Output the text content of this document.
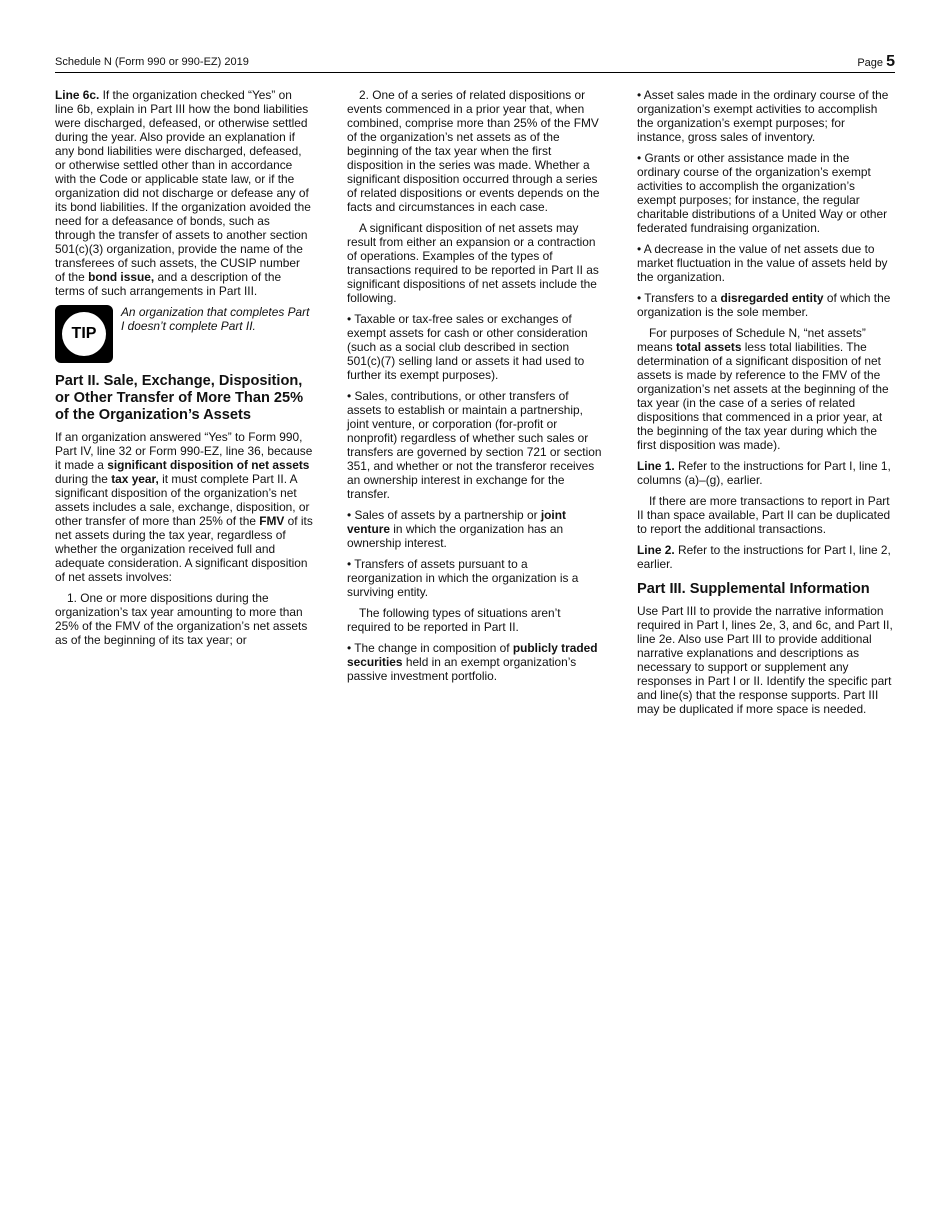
Schedule N (Form 990 or 990-EZ) 2019	Page 5

Line 6c. If the organization checked “Yes” on line 6b, explain in Part III how the bond liabilities were discharged, defeased, or otherwise settled during the year. Also provide an explanation if any bond liabilities were discharged, defeased, or otherwise settled other than in accordance with the Code or applicable state law, or if the organization did not discharge or defease any of its bond liabilities. If the organization avoided the need for a defeasance of bonds, such as through the transfer of assets to another section 501(c)(3) organization, provide the name of the transferees of such assets, the CUSIP number of the bond issue, and a description of the terms of such arrangements in Part III.

TIP
An organization that completes Part I doesn’t complete Part II.
Part II. Sale, Exchange, Disposition, or Other Transfer of More Than 25% of the Organization’s Assets

If an organization answered “Yes” to Form 990, Part IV, line 32 or Form 990-EZ, line 36, because it made a significant disposition of net assets during the tax year, it must complete Part II. A significant disposition of the organization’s net assets includes a sale, exchange, disposition, or other transfer of more than 25% of the FMV of its net assets during the tax year, regardless of whether the organization received full and adequate consideration. A significant disposition of net assets involves:

1. One or more dispositions during the organization’s tax year amounting to more than 25% of the FMV of the organization’s net assets as of the beginning of its tax year; or

2. One of a series of related dispositions or events commenced in a prior year that, when combined, comprise more than 25% of the FMV of the organization’s net assets as of the beginning of the tax year when the first disposition in the series was made. Whether a significant disposition occurred through a series of related dispositions or events depends on the facts and circumstances in each case.

A significant disposition of net assets may result from either an expansion or a contraction of operations. Examples of the types of transactions required to be reported in Part II as significant dispositions of net assets include the following.

• Taxable or tax-free sales or exchanges of exempt assets for cash or other consideration (such as a social club described in section 501(c)(7) selling land or assets it had used to further its exempt purposes).

• Sales, contributions, or other transfers of assets to establish or maintain a partnership, joint venture, or corporation (for-profit or nonprofit) regardless of whether such sales or transfers are governed by section 721 or section 351, and whether or not the transferor receives an ownership interest in exchange for the transfer.

• Sales of assets by a partnership or joint venture in which the organization has an ownership interest.

• Transfers of assets pursuant to a reorganization in which the organization is a surviving entity.

The following types of situations aren’t required to be reported in Part II.

• The change in composition of publicly traded securities held in an exempt organization’s passive investment portfolio.

• Asset sales made in the ordinary course of the organization’s exempt activities to accomplish the organization’s exempt purposes; for instance, gross sales of inventory.

• Grants or other assistance made in the ordinary course of the organization’s exempt activities to accomplish the organization’s exempt purposes; for instance, the regular charitable distributions of a United Way or other federated fundraising organization.

• A decrease in the value of net assets due to market fluctuation in the value of assets held by the organization.

• Transfers to a disregarded entity of which the organization is the sole member.

For purposes of Schedule N, “net assets” means total assets less total liabilities. The determination of a significant disposition of net assets is made by reference to the FMV of the organization’s net assets at the beginning of the tax year (in the case of a series of related dispositions that commenced in a prior year, at the beginning of the tax year during which the first disposition was made).

Line 1. Refer to the instructions for Part I, line 1, columns (a)–(g), earlier.

If there are more transactions to report in Part II than space available, Part II can be duplicated to report the additional transactions.

Line 2. Refer to the instructions for Part I, line 2, earlier.

Part III. Supplemental Information

Use Part III to provide the narrative information required in Part I, lines 2e, 3, and 6c, and Part II, line 2e. Also use Part III to provide additional narrative explanations and descriptions as necessary to support or supplement any responses in Part I or II. Identify the specific part and line(s) that the response supports. Part III may be duplicated if more space is needed.
